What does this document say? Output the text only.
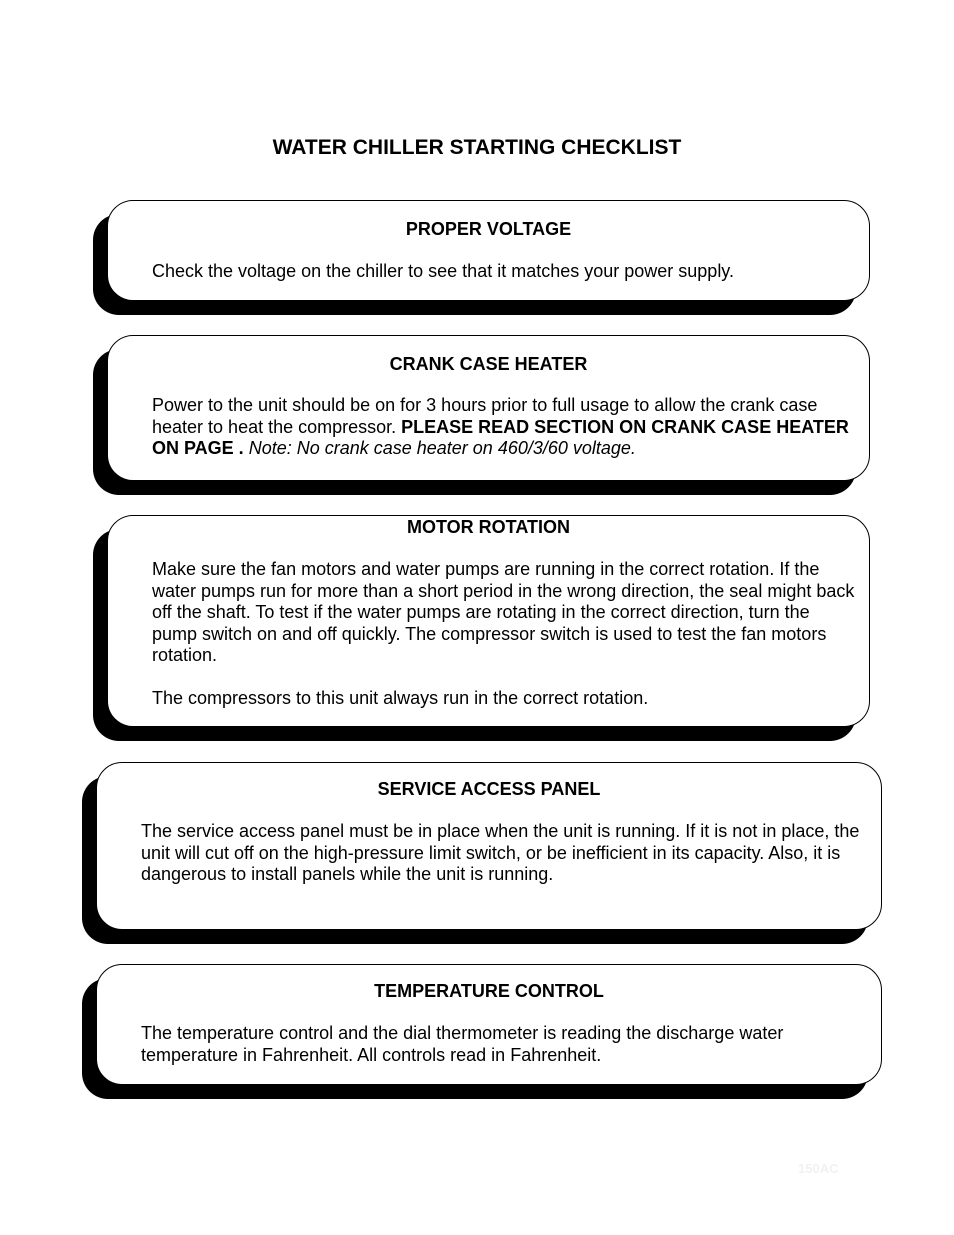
WATER CHILLER STARTING CHECKLIST
PROPER VOLTAGE

Check the voltage on the chiller to see that it matches your power supply.

CRANK CASE HEATER

Power to the unit should be on for 3 hours prior to full usage to allow the crank case heater to heat the compressor. PLEASE READ SECTION ON CRANK CASE HEATER ON PAGE . Note: No crank case heater on 460/3/60 voltage.

MOTOR ROTATION

Make sure the fan motors and water pumps are running in the correct rotation. If the water pumps run for more than a short period in the wrong direction, the seal might back off the shaft. To test if the water pumps are rotating in the correct direction, turn the pump switch on and off quickly. The compressor switch is used to test the fan motors rotation.

The compressors to this unit always run in the correct rotation.

SERVICE ACCESS PANEL

The service access panel must be in place when the unit is running. If it is not in place, the unit will cut off on the high-pressure limit switch, or be inefficient in its capacity. Also, it is dangerous to install panels while the unit is running.

TEMPERATURE CONTROL

The temperature control and the dial thermometer is reading the discharge water temperature in Fahrenheit. All controls read in Fahrenheit.

150AC
